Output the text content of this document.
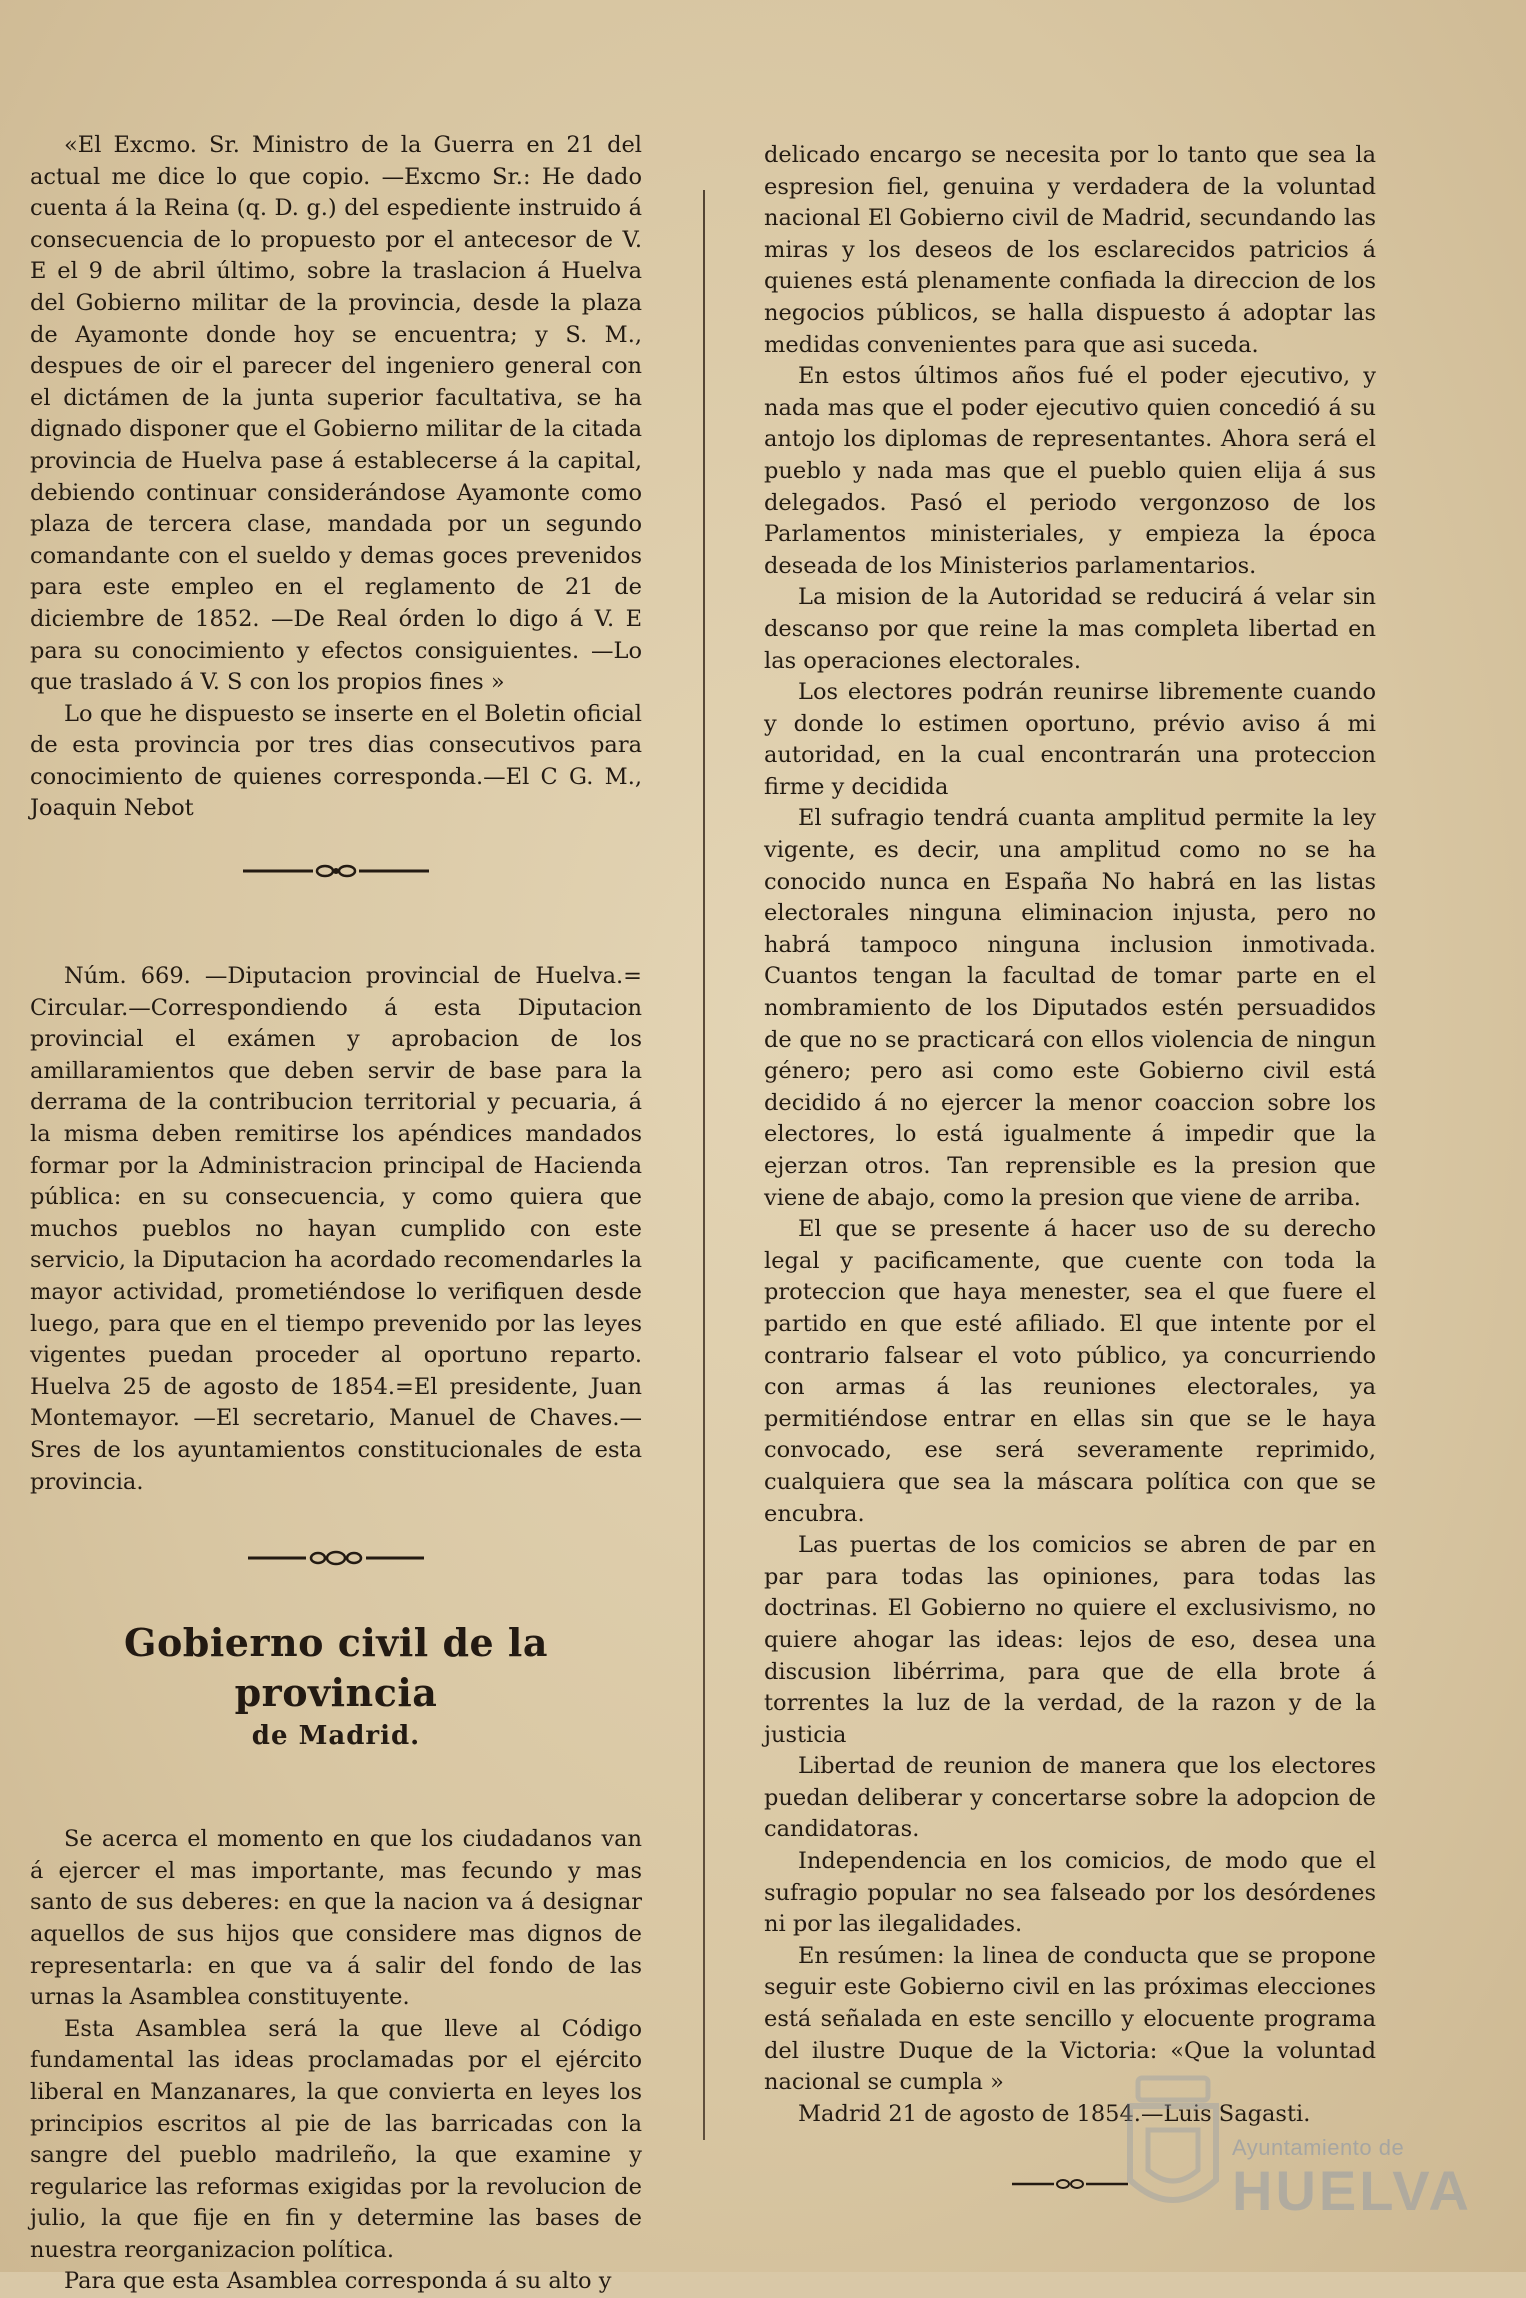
«El Excmo. Sr. Ministro de la Guerra en 21 del actual me dice lo que copio. —Excmo Sr.: He dado cuenta á la Reina (q. D. g.) del espediente instruido á consecuencia de lo propuesto por el antecesor de V. E el 9 de abril último, sobre la traslacion á Huelva del Gobierno militar de la provincia, desde la plaza de Ayamonte donde hoy se encuentra; y S. M., despues de oir el parecer del ingeniero general con el dictámen de la junta superior facultativa, se ha dignado disponer que el Gobierno militar de la citada provincia de Huelva pase á establecerse á la capital, debiendo continuar considerándose Ayamonte como plaza de tercera clase, mandada por un segundo comandante con el sueldo y demas goces prevenidos para este empleo en el reglamento de 21 de diciembre de 1852. —De Real órden lo digo á V. E para su conocimiento y efectos consiguientes. —Lo que traslado á V. S con los propios fines »

Lo que he dispuesto se inserte en el Boletin oficial de esta provincia por tres dias consecutivos para conocimiento de quienes corresponda.—El C G. M., Joaquin Nebot

Núm. 669. —Diputacion provincial de Huelva.= Circular.—Correspondiendo á esta Diputacion provincial el exámen y aprobacion de los amillaramientos que deben servir de base para la derrama de la contribucion territorial y pecuaria, á la misma deben remitirse los apéndices mandados formar por la Administracion principal de Hacienda pública: en su consecuencia, y como quiera que muchos pueblos no hayan cumplido con este servicio, la Diputacion ha acordado recomendarles la mayor actividad, prometiéndose lo verifiquen desde luego, para que en el tiempo prevenido por las leyes vigentes puedan proceder al oportuno reparto. Huelva 25 de agosto de 1854.=El presidente, Juan Montemayor. —El secretario, Manuel de Chaves.—Sres de los ayuntamientos constitucionales de esta provincia.

Gobierno civil de la provincia
de Madrid.

Se acerca el momento en que los ciudadanos van á ejercer el mas importante, mas fecundo y mas santo de sus deberes: en que la nacion va á designar aquellos de sus hijos que considere mas dignos de representarla: en que va á salir del fondo de las urnas la Asamblea constituyente.

Esta Asamblea será la que lleve al Código fundamental las ideas proclamadas por el ejército liberal en Manzanares, la que convierta en leyes los principios escritos al pie de las barricadas con la sangre del pueblo madrileño, la que examine y regularice las reformas exigidas por la revolucion de julio, la que fije en fin y determine las bases de nuestra reorganizacion política.

Para que esta Asamblea corresponda á su alto y

delicado encargo se necesita por lo tanto que sea la espresion fiel, genuina y verdadera de la voluntad nacional El Gobierno civil de Madrid, secundando las miras y los deseos de los esclarecidos patricios á quienes está plenamente confiada la direccion de los negocios públicos, se halla dispuesto á adoptar las medidas convenientes para que asi suceda.

En estos últimos años fué el poder ejecutivo, y nada mas que el poder ejecutivo quien concedió á su antojo los diplomas de representantes. Ahora será el pueblo y nada mas que el pueblo quien elija á sus delegados. Pasó el periodo vergonzoso de los Parlamentos ministeriales, y empieza la época deseada de los Ministerios parlamentarios.

La mision de la Autoridad se reducirá á velar sin descanso por que reine la mas completa libertad en las operaciones electorales.

Los electores podrán reunirse libremente cuando y donde lo estimen oportuno, prévio aviso á mi autoridad, en la cual encontrarán una proteccion firme y decidida

El sufragio tendrá cuanta amplitud permite la ley vigente, es decir, una amplitud como no se ha conocido nunca en España No habrá en las listas electorales ninguna eliminacion injusta, pero no habrá tampoco ninguna inclusion inmotivada. Cuantos tengan la facultad de tomar parte en el nombramiento de los Diputados estén persuadidos de que no se practicará con ellos violencia de ningun género; pero asi como este Gobierno civil está decidido á no ejercer la menor coaccion sobre los electores, lo está igualmente á impedir que la ejerzan otros. Tan reprensible es la presion que viene de abajo, como la presion que viene de arriba.

El que se presente á hacer uso de su derecho legal y pacificamente, que cuente con toda la proteccion que haya menester, sea el que fuere el partido en que esté afiliado. El que intente por el contrario falsear el voto público, ya concurriendo con armas á las reuniones electorales, ya permitiéndose entrar en ellas sin que se le haya convocado, ese será severamente reprimido, cualquiera que sea la máscara política con que se encubra.

Las puertas de los comicios se abren de par en par para todas las opiniones, para todas las doctrinas. El Gobierno no quiere el exclusivismo, no quiere ahogar las ideas: lejos de eso, desea una discusion libérrima, para que de ella brote á torrentes la luz de la verdad, de la razon y de la justicia

Libertad de reunion de manera que los electores puedan deliberar y concertarse sobre la adopcion de candidatoras.

Independencia en los comicios, de modo que el sufragio popular no sea falseado por los desórdenes ni por las ilegalidades.

En resúmen: la linea de conducta que se propone seguir este Gobierno civil en las próximas elecciones está señalada en este sencillo y elocuente programa del ilustre Duque de la Victoria: «Que la voluntad nacional se cumpla »

Madrid 21 de agosto de 1854.—Luis Sagasti.

Ayuntamiento de
HUELVA
